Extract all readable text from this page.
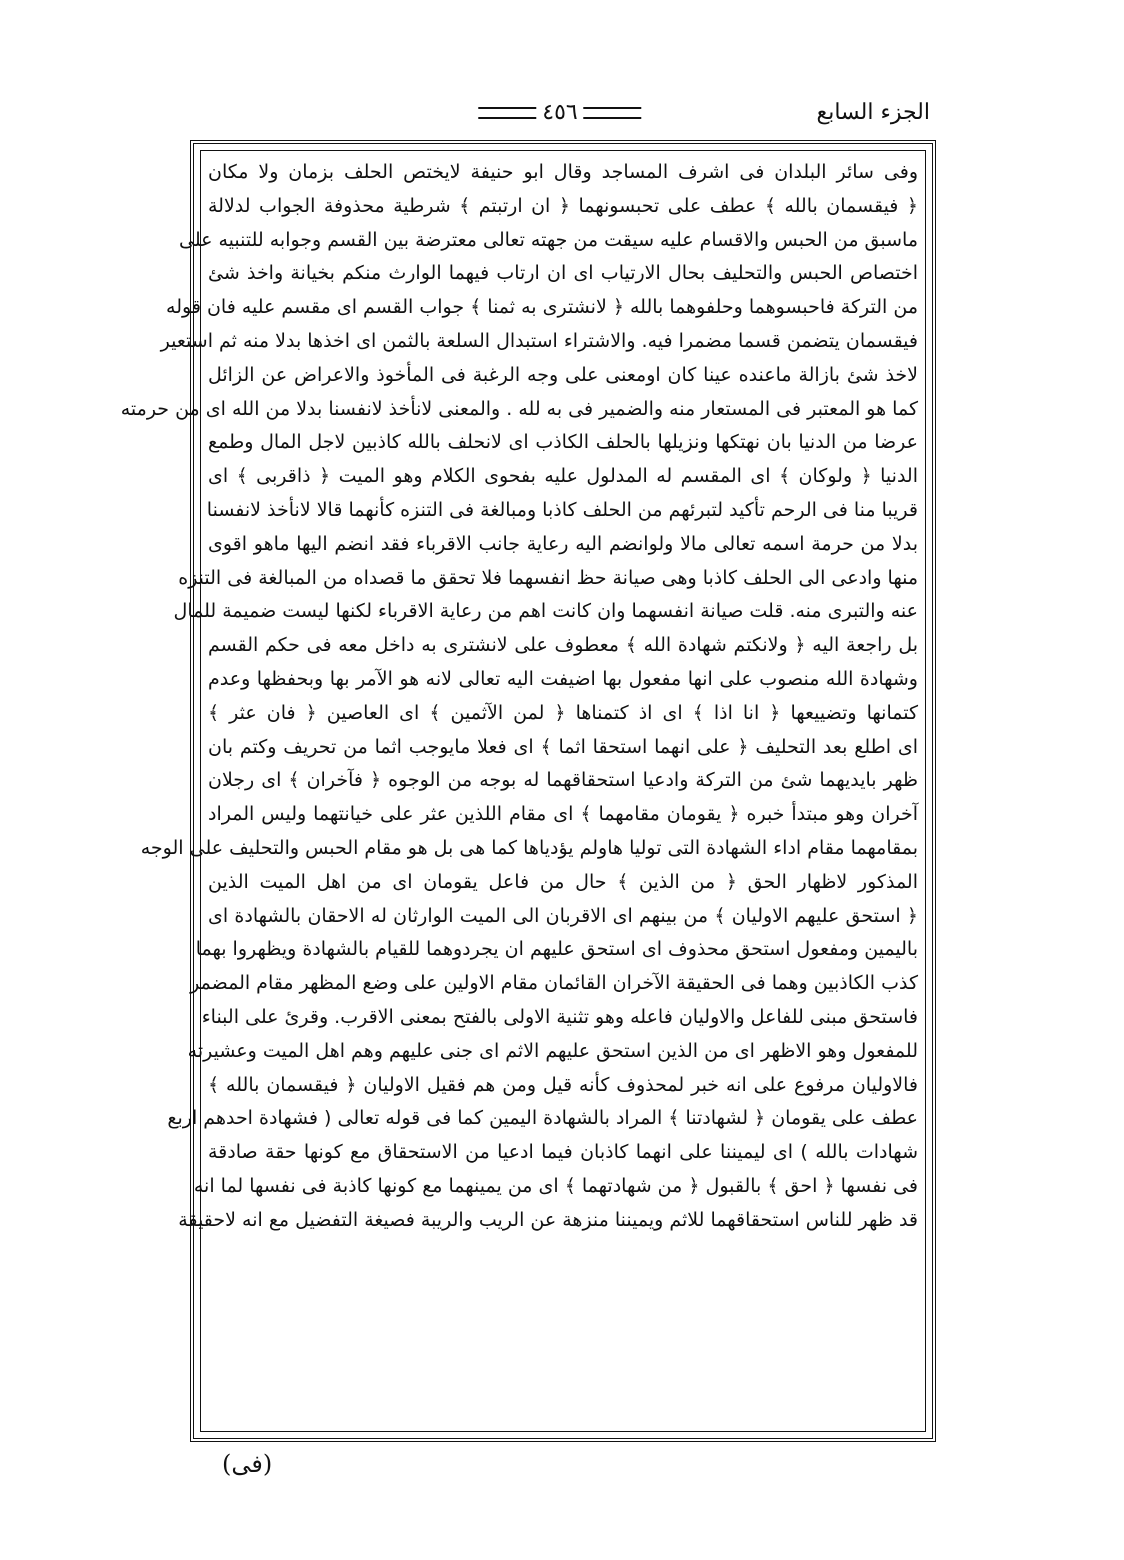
الجزء السابع
٤٥٦
وفى سائر البلدان فى اشرف المساجد وقال ابو حنيفة لايختص الحلف بزمان ولا مكان
﴿ فيقسمان بالله ﴾ عطف على تحبسونهما ﴿ ان ارتبتم ﴾ شرطية محذوفة الجواب لدلالة
ماسبق من الحبس والاقسام عليه سيقت من جهته تعالى معترضة بين القسم وجوابه للتنبيه على
اختصاص الحبس والتحليف بحال الارتياب اى ان ارتاب فيهما الوارث منكم بخيانة واخذ شئ
من التركة فاحبسوهما وحلفوهما بالله ﴿ لانشترى به ثمنا ﴾ جواب القسم اى مقسم عليه فان قوله
فيقسمان يتضمن قسما مضمرا فيه. والاشتراء استبدال السلعة بالثمن اى اخذها بدلا منه ثم استعير
لاخذ شئ بازالة ماعنده عينا كان اومعنى على وجه الرغبة فى المأخوذ والاعراض عن الزائل
كما هو المعتبر فى المستعار منه والضمير فى به لله . والمعنى لانأخذ لانفسنا بدلا من الله اى من حرمته
عرضا من الدنيا بان نهتكها ونزيلها بالحلف الكاذب اى لانحلف بالله كاذبين لاجل المال وطمع
الدنيا ﴿ ولوكان ﴾ اى المقسم له المدلول عليه بفحوى الكلام وهو الميت ﴿ ذاقربى ﴾ اى
قريبا منا فى الرحم تأكيد لتبرئهم من الحلف كاذبا ومبالغة فى التنزه كأنهما قالا لانأخذ لانفسنا
بدلا من حرمة اسمه تعالى مالا ولوانضم اليه رعاية جانب الاقرباء فقد انضم اليها ماهو اقوى
منها وادعى الى الحلف كاذبا وهى صيانة حظ انفسهما فلا تحقق ما قصداه من المبالغة فى التنزه
عنه والتبرى منه. قلت صيانة انفسهما وان كانت اهم من رعاية الاقرباء لكنها ليست ضميمة للمال
بل راجعة اليه ﴿ ولانكتم شهادة الله ﴾ معطوف على لانشترى به داخل معه فى حكم القسم
وشهادة الله منصوب على انها مفعول بها اضيفت اليه تعالى لانه هو الآمر بها وبحفظها وعدم
كتمانها وتضييعها ﴿ انا اذا ﴾ اى اذ كتمناها ﴿ لمن الآثمين ﴾ اى العاصين ﴿ فان عثر ﴾
اى اطلع بعد التحليف ﴿ على انهما استحقا اثما ﴾ اى فعلا مايوجب اثما من تحريف وكتم بان
ظهر بايديهما شئ من التركة وادعيا استحقاقهما له بوجه من الوجوه ﴿ فآخران ﴾ اى رجلان
آخران وهو مبتدأ خبره ﴿ يقومان مقامهما ﴾ اى مقام اللذين عثر على خيانتهما وليس المراد
بمقامهما مقام اداء الشهادة التى توليا هاولم يؤدياها كما هى بل هو مقام الحبس والتحليف على الوجه
المذكور لاظهار الحق ﴿ من الذين ﴾ حال من فاعل يقومان اى من اهل الميت الذين
﴿ استحق عليهم الاوليان ﴾ من بينهم اى الاقربان الى الميت الوارثان له الاحقان بالشهادة اى
باليمين ومفعول استحق محذوف اى استحق عليهم ان يجردوهما للقيام بالشهادة ويظهروا بهما
كذب الكاذبين وهما فى الحقيقة الآخران القائمان مقام الاولين على وضع المظهر مقام المضمر
فاستحق مبنى للفاعل والاوليان فاعله وهو تثنية الاولى بالفتح بمعنى الاقرب. وقرئ على البناء
للمفعول وهو الاظهر اى من الذين استحق عليهم الاثم اى جنى عليهم وهم اهل الميت وعشيرته
فالاوليان مرفوع على انه خبر لمحذوف كأنه قيل ومن هم فقيل الاوليان ﴿ فيقسمان بالله ﴾
عطف على يقومان ﴿ لشهادتنا ﴾ المراد بالشهادة اليمين كما فى قوله تعالى ( فشهادة احدهم اربع
شهادات بالله ) اى ليميننا على انهما كاذبان فيما ادعيا من الاستحقاق مع كونها حقة صادقة
فى نفسها ﴿ احق ﴾ بالقبول ﴿ من شهادتهما ﴾ اى من يمينهما مع كونها كاذبة فى نفسها لما انه
قد ظهر للناس استحقاقهما للاثم ويميننا منزهة عن الريب والريبة فصيغة التفضيل مع انه لاحقيقة
(فى)
